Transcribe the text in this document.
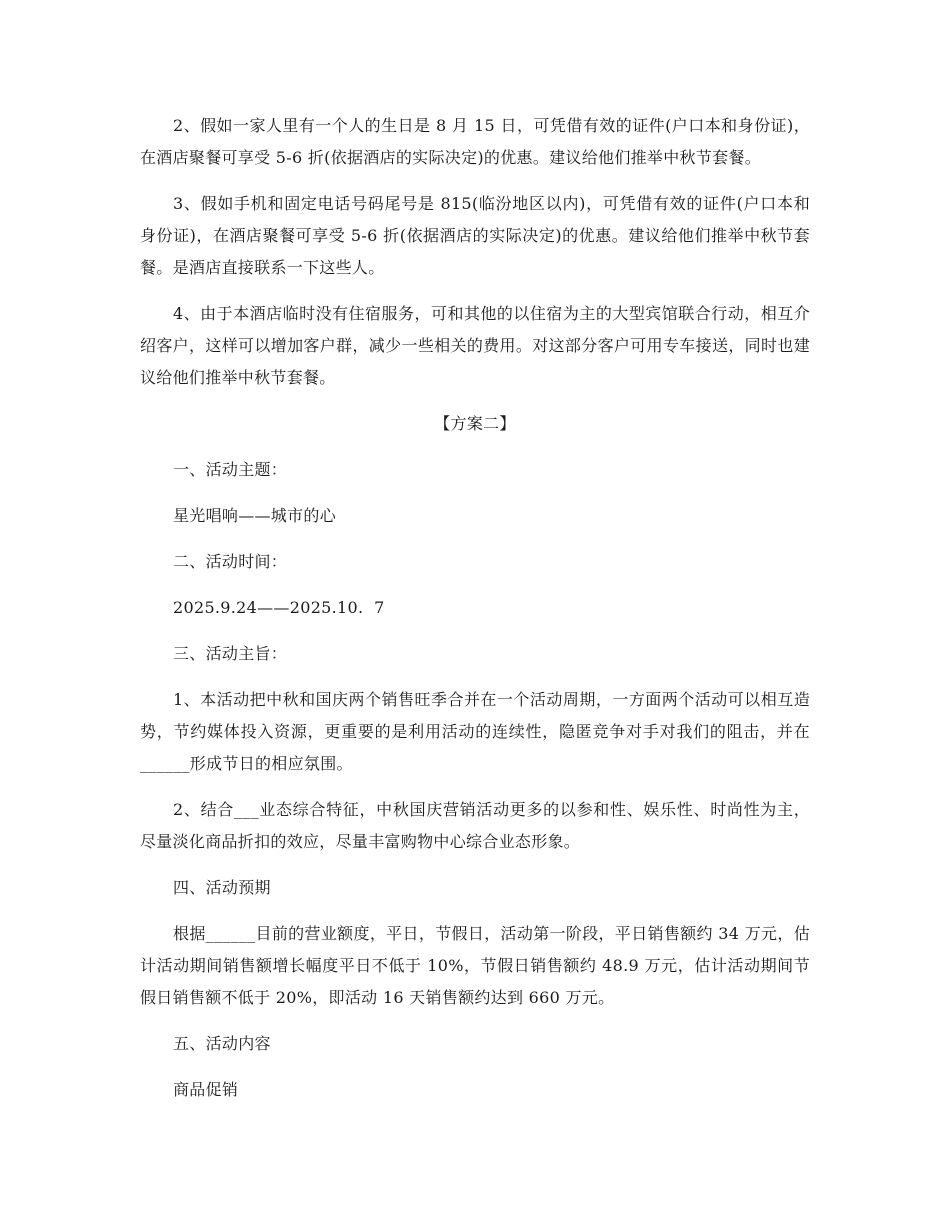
2、假如一家人里有一个人的生日是 8 月 15 日，可凭借有效的证件(户口本和身份证)，在酒店聚餐可享受 5-6 折(依据酒店的实际决定)的优惠。建议给他们推举中秋节套餐。

3、假如手机和固定电话号码尾号是 815(临汾地区以内)，可凭借有效的证件(户口本和身份证)，在酒店聚餐可享受 5-6 折(依据酒店的实际决定)的优惠。建议给他们推举中秋节套餐。是酒店直接联系一下这些人。

4、由于本酒店临时没有住宿服务，可和其他的以住宿为主的大型宾馆联合行动，相互介绍客户，这样可以增加客户群，减少一些相关的费用。对这部分客户可用专车接送，同时也建议给他们推举中秋节套餐。

【方案二】

一、活动主题：

星光唱响——城市的心

二、活动时间：

2025.9.24——2025.10.  7

三、活动主旨：

1、本活动把中秋和国庆两个销售旺季合并在一个活动周期，一方面两个活动可以相互造势，节约媒体投入资源，更重要的是利用活动的连续性，隐匿竞争对手对我们的阻击，并在______形成节日的相应氛围。

2、结合___业态综合特征，中秋国庆营销活动更多的以参和性、娱乐性、时尚性为主，尽量淡化商品折扣的效应，尽量丰富购物中心综合业态形象。

四、活动预期

根据______目前的营业额度，平日，节假日，活动第一阶段，平日销售额约 34 万元，估计活动期间销售额增长幅度平日不低于 10%，节假日销售额约 48.9 万元，估计活动期间节假日销售额不低于 20%，即活动 16 天销售额约达到 660 万元。

五、活动内容

商品促销
